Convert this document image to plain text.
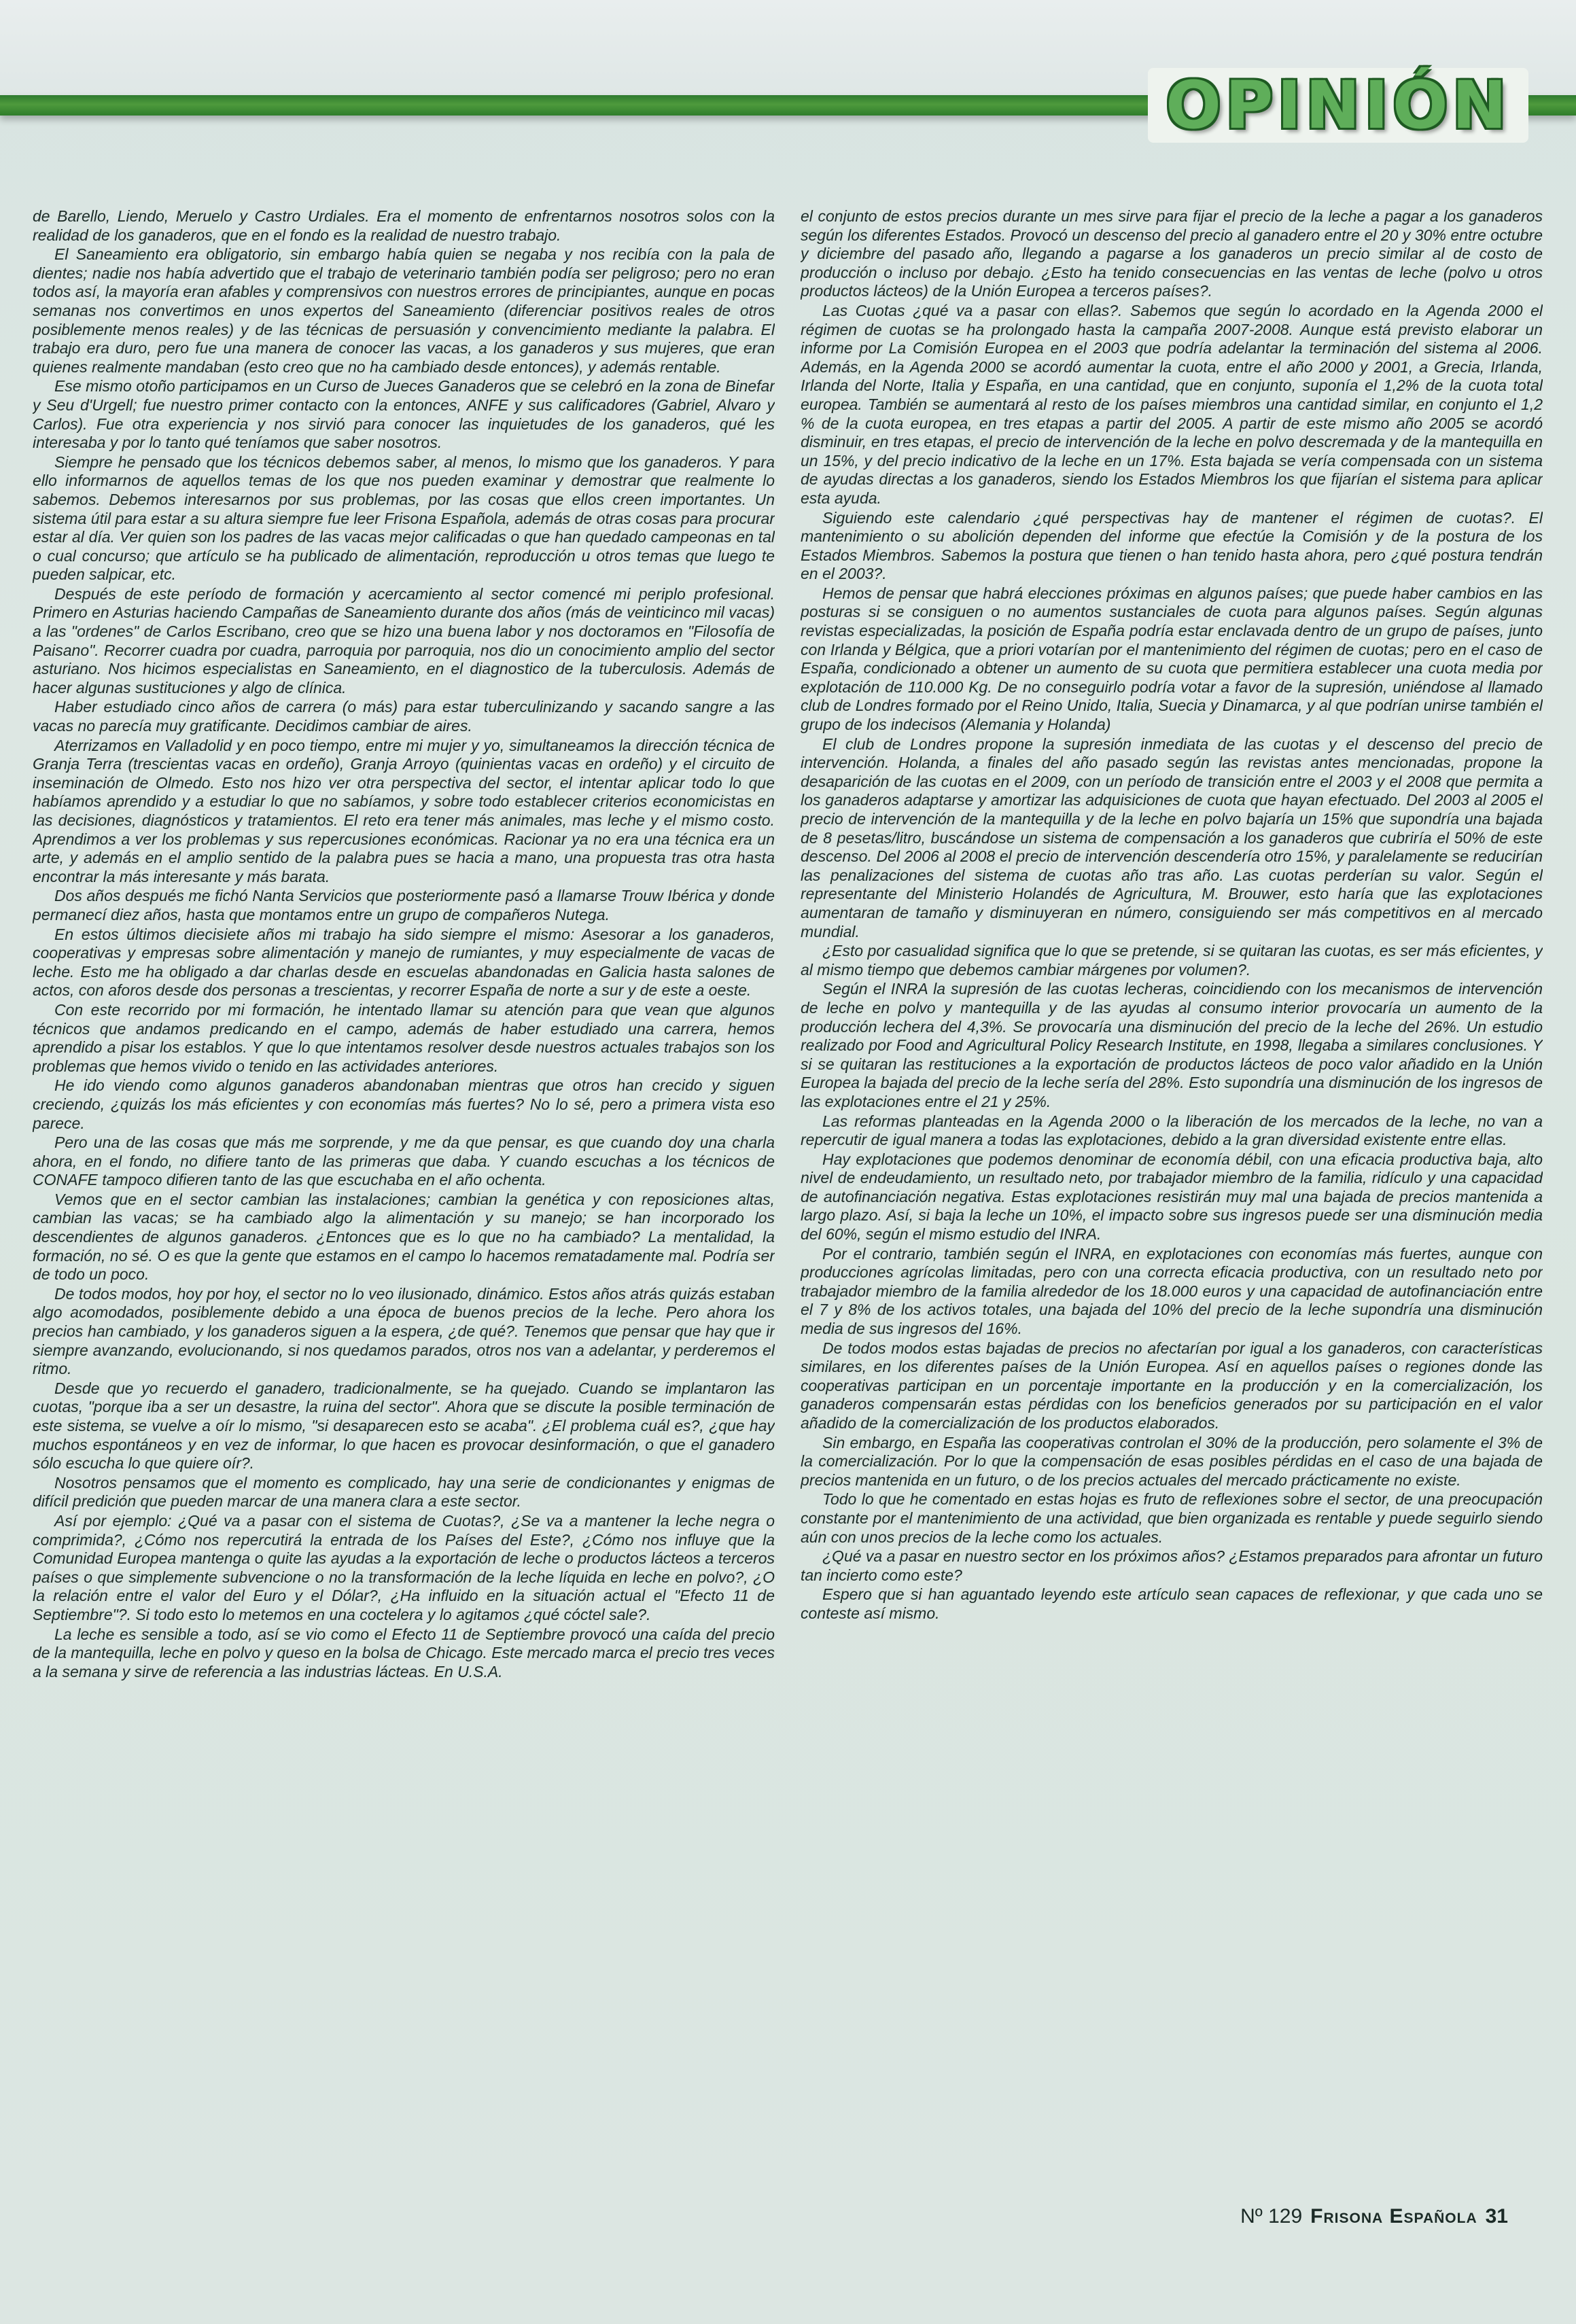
OPINIÓN

de Barello, Liendo, Meruelo y Castro Urdiales. Era el momento de enfrentarnos nosotros solos con la realidad de los ganaderos, que en el fondo es la realidad de nuestro trabajo.

El Saneamiento era obligatorio, sin embargo había quien se negaba y nos recibía con la pala de dientes; nadie nos había advertido que el trabajo de veterinario también podía ser peligroso; pero no eran todos así, la mayoría eran afables y comprensivos con nuestros errores de principiantes, aunque en pocas semanas nos convertimos en unos expertos del Saneamiento (diferenciar positivos reales de otros posiblemente menos reales) y de las técnicas de persuasión y convencimiento mediante la palabra. El trabajo era duro, pero fue una manera de conocer las vacas, a los ganaderos y sus mujeres, que eran quienes realmente mandaban (esto creo que no ha cambiado desde entonces), y además rentable.

Ese mismo otoño participamos en un Curso de Jueces Ganaderos que se celebró en la zona de Binefar y Seu d'Urgell; fue nuestro primer contacto con la entonces, ANFE y sus calificadores (Gabriel, Alvaro y Carlos). Fue otra experiencia y nos sirvió para conocer las inquietudes de los ganaderos, qué les interesaba y por lo tanto qué teníamos que saber nosotros.

Siempre he pensado que los técnicos debemos saber, al menos, lo mismo que los ganaderos. Y para ello informarnos de aquellos temas de los que nos pueden examinar y demostrar que realmente lo sabemos. Debemos interesarnos por sus problemas, por las cosas que ellos creen importantes. Un sistema útil para estar a su altura siempre fue leer Frisona Española, además de otras cosas para procurar estar al día. Ver quien son los padres de las vacas mejor calificadas o que han quedado campeonas en tal o cual concurso; que artículo se ha publicado de alimentación, reproducción u otros temas que luego te pueden salpicar, etc.

Después de este período de formación y acercamiento al sector comencé mi periplo profesional. Primero en Asturias haciendo Campañas de Saneamiento durante dos años (más de veinticinco mil vacas) a las "ordenes" de Carlos Escribano, creo que se hizo una buena labor y nos doctoramos en "Filosofía de Paisano". Recorrer cuadra por cuadra, parroquia por parroquia, nos dio un conocimiento amplio del sector asturiano. Nos hicimos especialistas en Saneamiento, en el diagnostico de la tuberculosis. Además de hacer algunas sustituciones y algo de clínica.

Haber estudiado cinco años de carrera (o más) para estar tuberculinizando y sacando sangre a las vacas no parecía muy gratificante. Decidimos cambiar de aires.

Aterrizamos en Valladolid y en poco tiempo, entre mi mujer y yo, simultaneamos la dirección técnica de Granja Terra (trescientas vacas en ordeño), Granja Arroyo (quinientas vacas en ordeño) y el circuito de inseminación de Olmedo. Esto nos hizo ver otra perspectiva del sector, el intentar aplicar todo lo que habíamos aprendido y a estudiar lo que no sabíamos, y sobre todo establecer criterios economicistas en las decisiones, diagnósticos y tratamientos. El reto era tener más animales, mas leche y el mismo costo. Aprendimos a ver los problemas y sus repercusiones económicas. Racionar ya no era una técnica era un arte, y además en el amplio sentido de la palabra pues se hacia a mano, una propuesta tras otra hasta encontrar la más interesante y más barata.

Dos años después me fichó Nanta Servicios que posteriormente pasó a llamarse Trouw Ibérica y donde permanecí diez años, hasta que montamos entre un grupo de compañeros Nutega.

En estos últimos diecisiete años mi trabajo ha sido siempre el mismo: Asesorar a los ganaderos, cooperativas y empresas sobre alimentación y manejo de rumiantes, y muy especialmente de vacas de leche. Esto me ha obligado a dar charlas desde en escuelas abandonadas en Galicia hasta salones de actos, con aforos desde dos personas a trescientas, y recorrer España de norte a sur y de este a oeste.

Con este recorrido por mi formación, he intentado llamar su atención para que vean que algunos técnicos que andamos predicando en el campo, además de haber estudiado una carrera, hemos aprendido a pisar los establos. Y que lo que intentamos resolver desde nuestros actuales trabajos son los problemas que hemos vivido o tenido en las actividades anteriores.

He ido viendo como algunos ganaderos abandonaban mientras que otros han crecido y siguen creciendo, ¿quizás los más eficientes y con economías más fuertes? No lo sé, pero a primera vista eso parece.

Pero una de las cosas que más me sorprende, y me da que pensar, es que cuando doy una charla ahora, en el fondo, no difiere tanto de las primeras que daba. Y cuando escuchas a los técnicos de CONAFE tampoco difieren tanto de las que escuchaba en el año ochenta.

Vemos que en el sector cambian las instalaciones; cambian la genética y con reposiciones altas, cambian las vacas; se ha cambiado algo la alimentación y su manejo; se han incorporado los descendientes de algunos ganaderos. ¿Entonces que es lo que no ha cambiado? La mentalidad, la formación, no sé. O es que la gente que estamos en el campo lo hacemos rematadamente mal. Podría ser de todo un poco.

De todos modos, hoy por hoy, el sector no lo veo ilusionado, dinámico. Estos años atrás quizás estaban algo acomodados, posiblemente debido a una época de buenos precios de la leche. Pero ahora los precios han cambiado, y los ganaderos siguen a la espera, ¿de qué?. Tenemos que pensar que hay que ir siempre avanzando, evolucionando, si nos quedamos parados, otros nos van a adelantar, y perderemos el ritmo.

Desde que yo recuerdo el ganadero, tradicionalmente, se ha quejado. Cuando se implantaron las cuotas, "porque iba a ser un desastre, la ruina del sector". Ahora que se discute la posible terminación de este sistema, se vuelve a oír lo mismo, "si desaparecen esto se acaba". ¿El problema cuál es?, ¿que hay muchos espontáneos y en vez de informar, lo que hacen es provocar desinformación, o que el ganadero sólo escucha lo que quiere oír?.

Nosotros pensamos que el momento es complicado, hay una serie de condicionantes y enigmas de difícil predición que pueden marcar de una manera clara a este sector.

Así por ejemplo: ¿Qué va a pasar con el sistema de Cuotas?, ¿Se va a mantener la leche negra o comprimida?, ¿Cómo nos repercutirá la entrada de los Países del Este?, ¿Cómo nos influye que la Comunidad Europea mantenga o quite las ayudas a la exportación de leche o productos lácteos a terceros países o que simplemente subvencione o no la transformación de la leche líquida en leche en polvo?, ¿O la relación entre el valor del Euro y el Dólar?, ¿Ha influido en la situación actual el "Efecto 11 de Septiembre"?. Si todo esto lo metemos en una coctelera y lo agitamos ¿qué cóctel sale?.

La leche es sensible a todo, así se vio como el Efecto 11 de Septiembre provocó una caída del precio de la mantequilla, leche en polvo y queso en la bolsa de Chicago. Este mercado marca el precio tres veces a la semana y sirve de referencia a las industrias lácteas. En U.S.A.

el conjunto de estos precios durante un mes sirve para fijar el precio de la leche a pagar a los ganaderos según los diferentes Estados. Provocó un descenso del precio al ganadero entre el 20 y 30% entre octubre y diciembre del pasado año, llegando a pagarse a los ganaderos un precio similar al de costo de producción o incluso por debajo. ¿Esto ha tenido consecuencias en las ventas de leche (polvo u otros productos lácteos) de la Unión Europea a terceros países?.

Las Cuotas ¿qué va a pasar con ellas?. Sabemos que según lo acordado en la Agenda 2000 el régimen de cuotas se ha prolongado hasta la campaña 2007-2008. Aunque está previsto elaborar un informe por La Comisión Europea en el 2003 que podría adelantar la terminación del sistema al 2006. Además, en la Agenda 2000 se acordó aumentar la cuota, entre el año 2000 y 2001, a Grecia, Irlanda, Irlanda del Norte, Italia y España, en una cantidad, que en conjunto, suponía el 1,2% de la cuota total europea. También se aumentará al resto de los países miembros una cantidad similar, en conjunto el 1,2 % de la cuota europea, en tres etapas a partir del 2005. A partir de este mismo año 2005 se acordó disminuir, en tres etapas, el precio de intervención de la leche en polvo descremada y de la mantequilla en un 15%, y del precio indicativo de la leche en un 17%. Esta bajada se vería compensada con un sistema de ayudas directas a los ganaderos, siendo los Estados Miembros los que fijarían el sistema para aplicar esta ayuda.

Siguiendo este calendario ¿qué perspectivas hay de mantener el régimen de cuotas?. El mantenimiento o su abolición dependen del informe que efectúe la Comisión y de la postura de los Estados Miembros. Sabemos la postura que tienen o han tenido hasta ahora, pero ¿qué postura tendrán en el 2003?.

Hemos de pensar que habrá elecciones próximas en algunos países; que puede haber cambios en las posturas si se consiguen o no aumentos sustanciales de cuota para algunos países. Según algunas revistas especializadas, la posición de España podría estar enclavada dentro de un grupo de países, junto con Irlanda y Bélgica, que a priori votarían por el mantenimiento del régimen de cuotas; pero en el caso de España, condicionado a obtener un aumento de su cuota que permitiera establecer una cuota media por explotación de 110.000 Kg. De no conseguirlo podría votar a favor de la supresión, uniéndose al llamado club de Londres formado por el Reino Unido, Italia, Suecia y Dinamarca, y al que podrían unirse también el grupo de los indecisos (Alemania y Holanda)

El club de Londres propone la supresión inmediata de las cuotas y el descenso del precio de intervención. Holanda, a finales del año pasado según las revistas antes mencionadas, propone la desaparición de las cuotas en el 2009, con un período de transición entre el 2003 y el 2008 que permita a los ganaderos adaptarse y amortizar las adquisiciones de cuota que hayan efectuado. Del 2003 al 2005 el precio de intervención de la mantequilla y de la leche en polvo bajaría un 15% que supondría una bajada de 8 pesetas/litro, buscándose un sistema de compensación a los ganaderos que cubriría el 50% de este descenso. Del 2006 al 2008 el precio de intervención descendería otro 15%, y paralelamente se reducirían las penalizaciones del sistema de cuotas año tras año. Las cuotas perderían su valor. Según el representante del Ministerio Holandés de Agricultura, M. Brouwer, esto haría que las explotaciones aumentaran de tamaño y disminuyeran en número, consiguiendo ser más competitivos en al mercado mundial.

¿Esto por casualidad significa que lo que se pretende, si se quitaran las cuotas, es ser más eficientes, y al mismo tiempo que debemos cambiar márgenes por volumen?.

Según el INRA la supresión de las cuotas lecheras, coincidiendo con los mecanismos de intervención de leche en polvo y mantequilla y de las ayudas al consumo interior provocaría un aumento de la producción lechera del 4,3%. Se provocaría una disminución del precio de la leche del 26%. Un estudio realizado por Food and Agricultural Policy Research Institute, en 1998, llegaba a similares conclusiones. Y si se quitaran las restituciones a la exportación de productos lácteos de poco valor añadido en la Unión Europea la bajada del precio de la leche sería del 28%. Esto supondría una disminución de los ingresos de las explotaciones entre el 21 y 25%.

Las reformas planteadas en la Agenda 2000 o la liberación de los mercados de la leche, no van a repercutir de igual manera a todas las explotaciones, debido a la gran diversidad existente entre ellas.

Hay explotaciones que podemos denominar de economía débil, con una eficacia productiva baja, alto nivel de endeudamiento, un resultado neto, por trabajador miembro de la familia, ridículo y una capacidad de autofinanciación negativa. Estas explotaciones resistirán muy mal una bajada de precios mantenida a largo plazo. Así, si baja la leche un 10%, el impacto sobre sus ingresos puede ser una disminución media del 60%, según el mismo estudio del INRA.

Por el contrario, también según el INRA, en explotaciones con economías más fuertes, aunque con producciones agrícolas limitadas, pero con una correcta eficacia productiva, con un resultado neto por trabajador miembro de la familia alrededor de los 18.000 euros y una capacidad de autofinanciación entre el 7 y 8% de los activos totales, una bajada del 10% del precio de la leche supondría una disminución media de sus ingresos del 16%.

De todos modos estas bajadas de precios no afectarían por igual a los ganaderos, con características similares, en los diferentes países de la Unión Europea. Así en aquellos países o regiones donde las cooperativas participan en un porcentaje importante en la producción y en la comercialización, los ganaderos compensarán estas pérdidas con los beneficios generados por su participación en el valor añadido de la comercialización de los productos elaborados.

Sin embargo, en España las cooperativas controlan el 30% de la producción, pero solamente el 3% de la comercialización. Por lo que la compensación de esas posibles pérdidas en el caso de una bajada de precios mantenida en un futuro, o de los precios actuales del mercado prácticamente no existe.

Todo lo que he comentado en estas hojas es fruto de reflexiones sobre el sector, de una preocupación constante por el mantenimiento de una actividad, que bien organizada es rentable y puede seguirlo siendo aún con unos precios de la leche como los actuales.

¿Qué va a pasar en nuestro sector en los próximos años? ¿Estamos preparados para afrontar un futuro tan incierto como este?

Espero que si han aguantado leyendo este artículo sean capaces de reflexionar, y que cada uno se conteste así mismo.

Nº 129 Frisona Española 31
